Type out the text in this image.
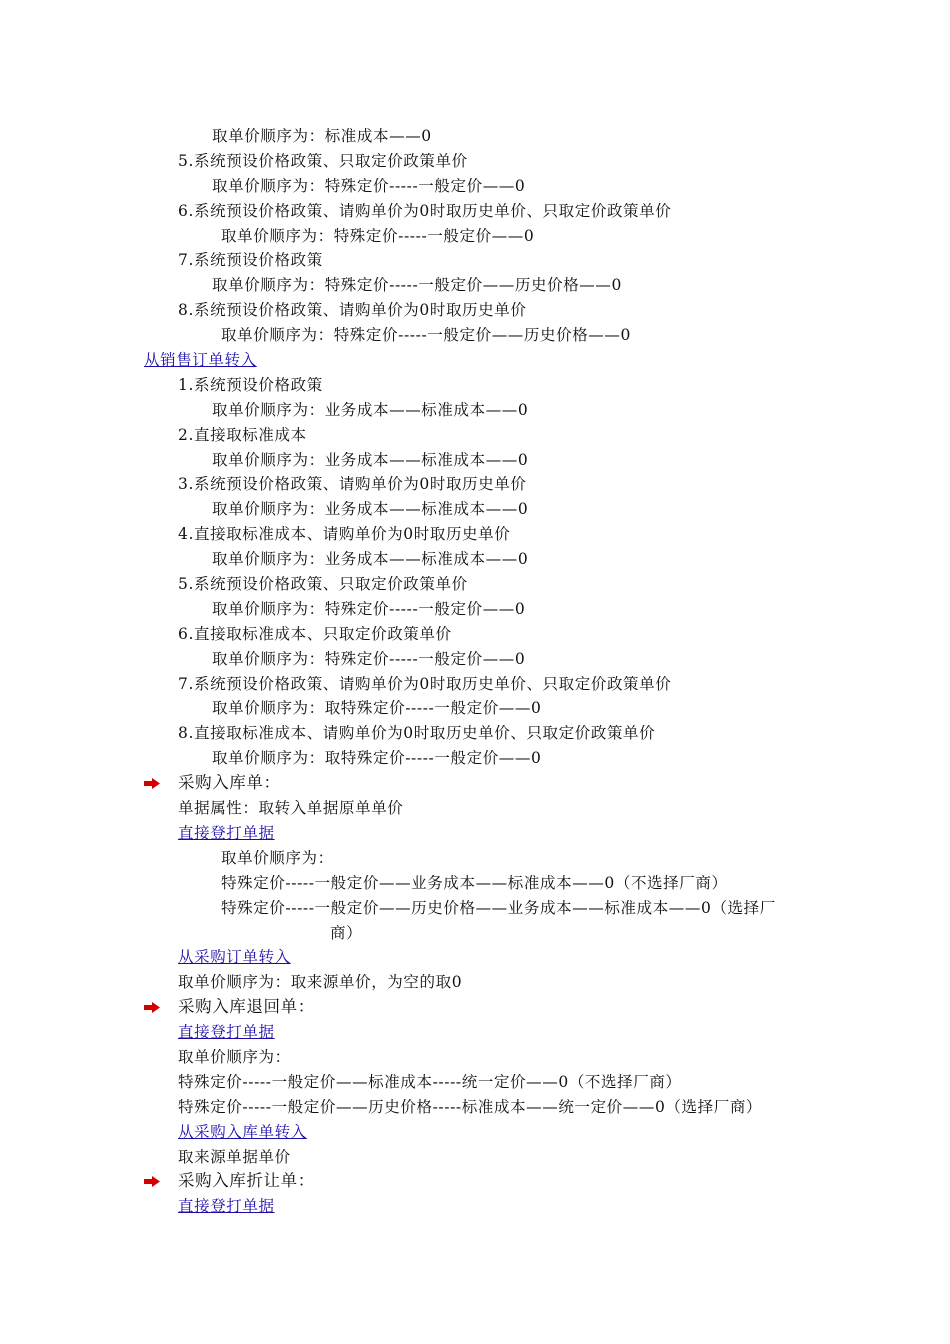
取单价顺序为：标准成本——0
5.系统预设价格政策、只取定价政策单价
取单价顺序为：特殊定价-----一般定价——0
6.系统预设价格政策、请购单价为0时取历史单价、只取定价政策单价
取单价顺序为：特殊定价-----一般定价——0
7.系统预设价格政策
取单价顺序为：特殊定价-----一般定价——历史价格——0
8.系统预设价格政策、请购单价为0时取历史单价
取单价顺序为：特殊定价-----一般定价——历史价格——0
从销售订单转入
1.系统预设价格政策
取单价顺序为：业务成本——标准成本——0
2.直接取标准成本
取单价顺序为：业务成本——标准成本——0
3.系统预设价格政策、请购单价为0时取历史单价
取单价顺序为：业务成本——标准成本——0
4.直接取标准成本、请购单价为0时取历史单价
取单价顺序为：业务成本——标准成本——0
5.系统预设价格政策、只取定价政策单价
取单价顺序为：特殊定价-----一般定价——0
6.直接取标准成本、只取定价政策单价
取单价顺序为：特殊定价-----一般定价——0
7.系统预设价格政策、请购单价为0时取历史单价、只取定价政策单价
取单价顺序为：取特殊定价-----一般定价——0
8.直接取标准成本、请购单价为0时取历史单价、只取定价政策单价
取单价顺序为：取特殊定价-----一般定价——0
采购入库单：
单据属性：取转入单据原单单价
直接登打单据
取单价顺序为：
特殊定价-----一般定价——业务成本——标准成本——0（不选择厂商）
特殊定价-----一般定价——历史价格——业务成本——标准成本——0（选择厂
商）
从采购订单转入
取单价顺序为：取来源单价，为空的取0
采购入库退回单：
直接登打单据
取单价顺序为：
特殊定价-----一般定价——标准成本-----统一定价——0（不选择厂商）
特殊定价-----一般定价——历史价格-----标准成本——统一定价——0（选择厂商）
从采购入库单转入
取来源单据单价
采购入库折让单：
直接登打单据
